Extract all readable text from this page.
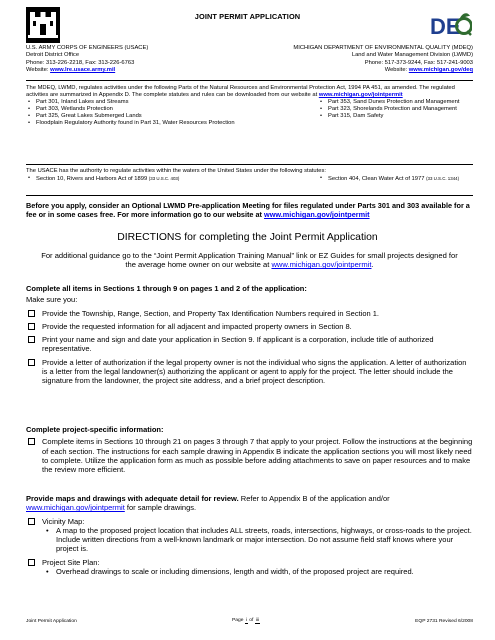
DE
JOINT PERMIT APPLICATION
U.S. ARMY CORPS OF ENGINEERS (USACE)
Detroit District Office
Phone: 313-226-2218, Fax: 313-226-6763
Website: www.lre.usace.army.mil
MICHIGAN DEPARTMENT OF ENVIRONMENTAL QUALITY (MDEQ)
Land and Water Management Division (LWMD)
Phone: 517-373-9244, Fax: 517-241-9003
Website: www.michigan.gov/deq
The MDEQ, LWMD, regulates activities under the following Parts of the Natural Resources and Environmental Protection Act, 1994 PA 451, as amended. The regulated activities are summarized in Appendix D. The complete statutes and rules can be downloaded from our website at www.michigan.gov/jointpermit
• Part 301, Inland Lakes and Streams
• Part 303, Wetlands Protection
• Part 325, Great Lakes Submerged Lands
• Floodplain Regulatory Authority found in Part 31, Water Resources Protection
• Part 353, Sand Dunes Protection and Management
• Part 323, Shorelands Protection and Management
• Part 315, Dam Safety
The USACE has the authority to regulate activities within the waters of the United States under the following statutes:
• Section 10, Rivers and Harbors Act of 1899 (33 U.S.C. 403)
•	Section 404, Clean Water Act of 1977 (33 U.S.C. 1344)
Before you apply, consider an Optional LWMD Pre-application Meeting for files regulated under Parts 301 and 303 available for a fee or in some cases free. For more information go to our website at www.michigan.gov/jointpermit
DIRECTIONS for completing the Joint Permit Application
For additional guidance go to the “Joint Permit Application Training Manual” link or EZ Guides for small projects designed for the average home owner on our website at www.michigan.gov/jointpermit.
Complete all items in Sections 1 through 9 on pages 1 and 2 of the application:
Make sure you:
Provide the Township, Range, Section, and Property Tax Identification Numbers required in Section 1.
Provide the requested information for all adjacent and impacted property owners in Section 8.
Print your name and sign and date your application in Section 9. If applicant is a corporation, include title of authorized representative.
Provide a letter of authorization if the legal property owner is not the individual who signs the application. A letter of authorization is a letter from the legal landowner(s) authorizing the applicant or agent to apply for the project. The letter should include the signature from the landowner, the project site address, and a brief project description.
Complete project-specific information:
Complete items in Sections 10 through 21 on pages 3 through 7 that apply to your project. Follow the instructions at the beginning of each section. The instructions for each sample drawing in Appendix B indicate the application sections you will most likely need to complete. Utilize the application form as much as possible before adding attachments to save on paper resources and to make the review more efficient.
Provide maps and drawings with adequate detail for review. Refer to Appendix B of the application and/or www.michigan.gov/jointpermit for sample drawings.
Vicinity Map:
• A map to the proposed project location that includes ALL streets, roads, intersections, highways, or cross-roads to the project. Include written directions from a well-known landmark or major intersection. Do not assume field staff knows where your project is.
Project Site Plan:
• Overhead drawings to scale or including dimensions, length and width, of the proposed project are required.
Joint Permit Application	Page i of iii	EQP 2731 Revised 6/2008
